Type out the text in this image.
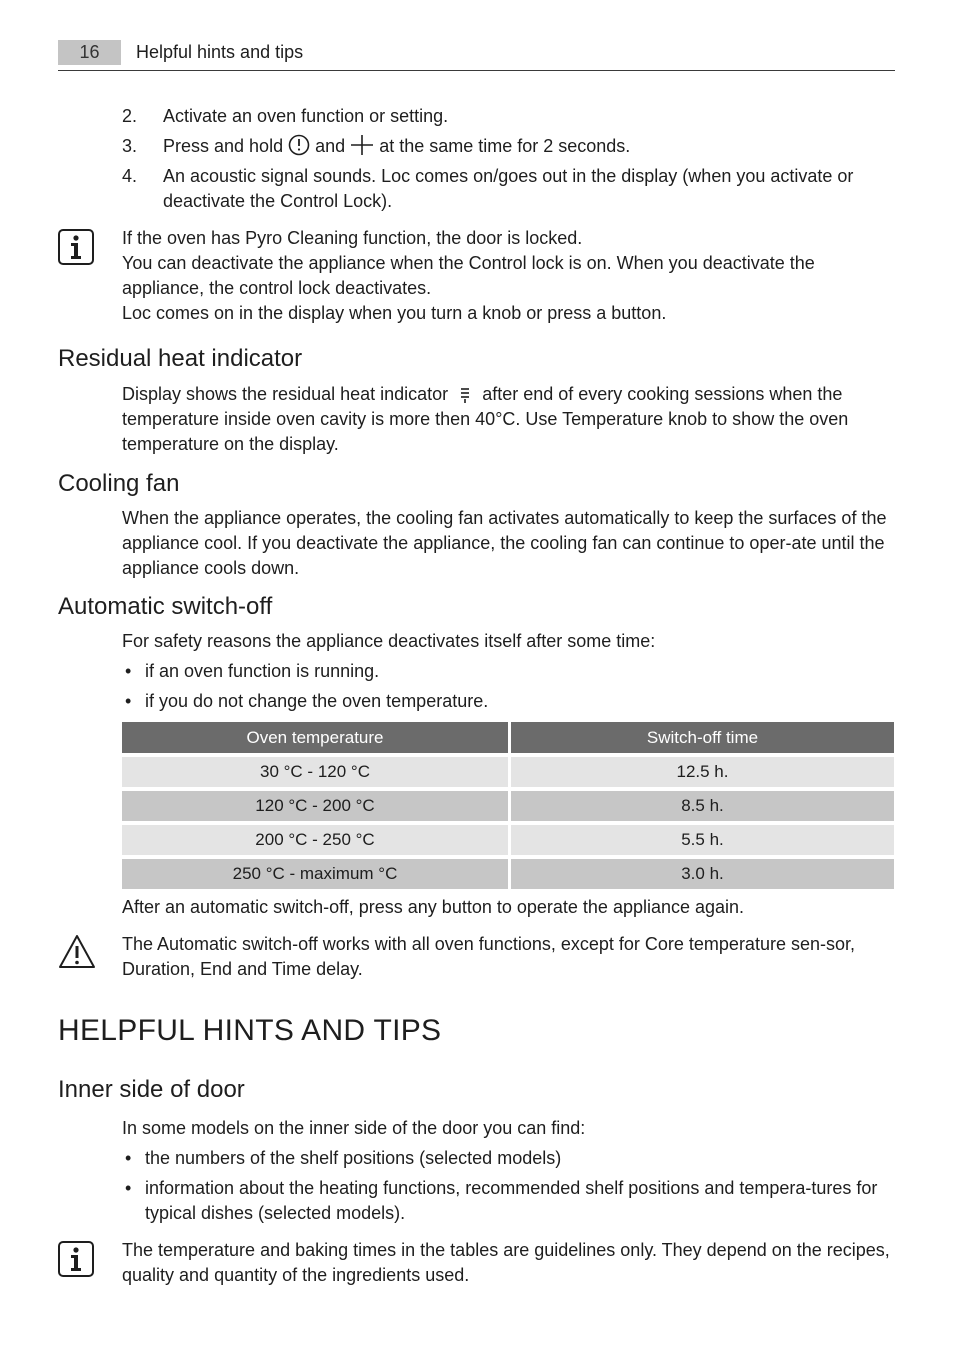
16	Helpful hints and tips
2. Activate an oven function or setting.
3. Press and hold and at the same time for 2 seconds.
4. An acoustic signal sounds. Loc comes on/goes out in the display (when you activate or deactivate the Control Lock).
If the oven has Pyro Cleaning function, the door is locked.
You can deactivate the appliance when the Control lock is on. When you deactivate the appliance, the control lock deactivates.
Loc comes on in the display when you turn a knob or press a button.
Residual heat indicator
Display shows the residual heat indicator after end of every cooking sessions when the temperature inside oven cavity is more then 40°C. Use Temperature knob to show the oven temperature on the display.
Cooling fan
When the appliance operates, the cooling fan activates automatically to keep the surfaces of the appliance cool. If you deactivate the appliance, the cooling fan can continue to oper-ate until the appliance cools down.
Automatic switch-off
For safety reasons the appliance deactivates itself after some time:
• if an oven function is running.
• if you do not change the oven temperature.
Oven temperature	Switch-off time
30 °C - 120 °C	12.5 h.
120 °C - 200 °C	8.5 h.
200 °C - 250 °C	5.5 h.
250 °C - maximum °C	3.0 h.
After an automatic switch-off, press any button to operate the appliance again.
The Automatic switch-off works with all oven functions, except for Core temperature sen-sor, Duration, End and Time delay.
HELPFUL HINTS AND TIPS
Inner side of door
In some models on the inner side of the door you can find:
• the numbers of the shelf positions (selected models)
• information about the heating functions, recommended shelf positions and tempera-tures for typical dishes (selected models).
The temperature and baking times in the tables are guidelines only. They depend on the recipes, quality and quantity of the ingredients used.
